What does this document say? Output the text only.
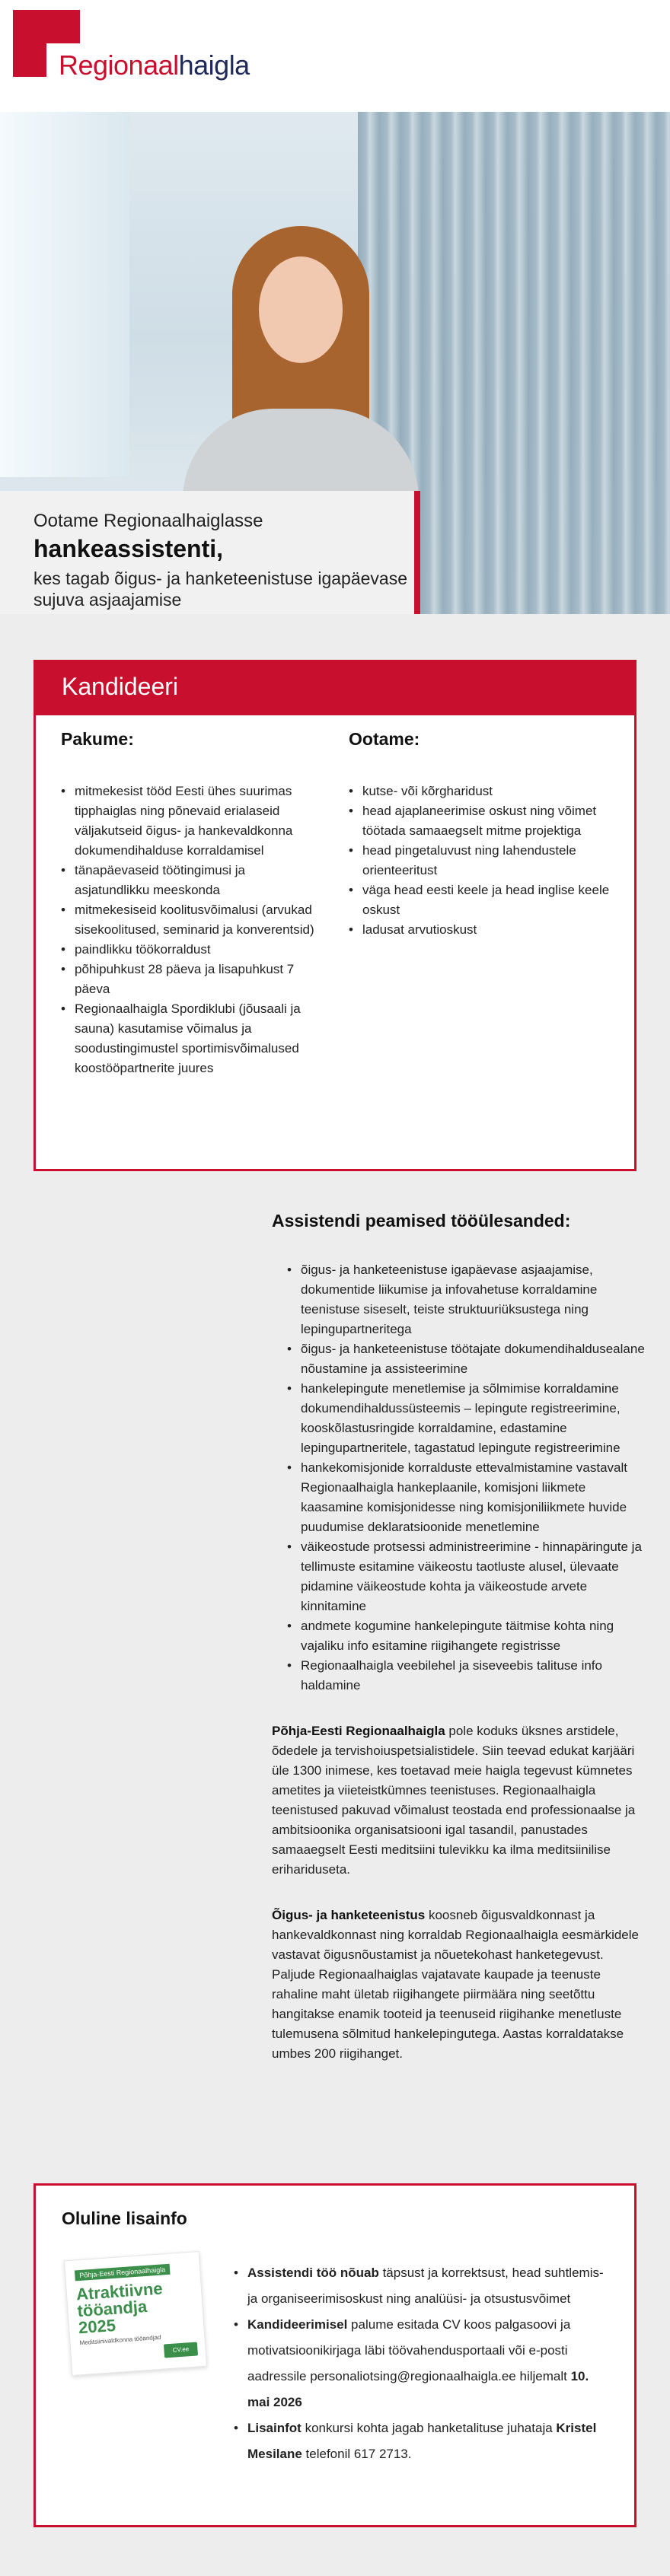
Regionaalhaigla
Ootame Regionaalhaiglasse
hankeassistenti,
kes tagab õigus- ja hanketeenistuse igapäevase sujuva asjaajamise
Kandideeri
Pakume:
• mitmekesist tööd Eesti ühes suurimas tipphaiglas ning põnevaid erialaseid väljakutseid õigus- ja hankevaldkonna dokumendihalduse korraldamisel
• tänapäevaseid töötingimusi ja asjatundlikku meeskonda
• mitmekesiseid koolitusvõimalusi (arvukad sisekoolitused, seminarid ja konverentsid)
• paindlikku töökorraldust
• põhipuhkust 28 päeva ja lisapuhkust 7 päeva
• Regionaalhaigla Spordiklubi (jõusaali ja sauna) kasutamise võimalus ja soodustingimustel sportimisvõimalused koostööpartnerite juures
Ootame:
• kutse- või kõrgharidust
• head ajaplaneerimise oskust ning võimet töötada samaaegselt mitme projektiga
• head pingetaluvust ning lahendustele orienteeritust
• väga head eesti keele ja head inglise keele oskust
• ladusat arvutioskust
Assistendi peamised tööülesanded:
• õigus- ja hanketeenistuse igapäevase asjaajamise, dokumentide liikumise ja infovahetuse korraldamine teenistuse siseselt, teiste struktuuriüksustega ning lepingupartneritega
• õigus- ja hanketeenistuse töötajate dokumendihaldusealane nõustamine ja assisteerimine
• hankelepingute menetlemise ja sõlmimise korraldamine dokumendihaldussüsteemis – lepingute registreerimine, kooskõlastusringide korraldamine, edastamine lepingupartneritele, tagastatud lepingute registreerimine
• hankekomisjonide korralduste ettevalmistamine vastavalt Regionaalhaigla hankeplaanile, komisjoni liikmete kaasamine komisjonidesse ning komisjoniliikmete huvide puudumise deklaratsioonide menetlemine
• väikeostude protsessi administreerimine - hinnapäringute ja tellimuste esitamine väikeostu taotluste alusel, ülevaate pidamine väikeostude kohta ja väikeostude arvete kinnitamine
• andmete kogumine hankelepingute täitmise kohta ning vajaliku info esitamine riigihangete registrisse
• Regionaalhaigla veebilehel ja siseveebis talituse info haldamine

Põhja-Eesti Regionaalhaigla pole koduks üksnes arstidele, õdedele ja tervishoiuspetsialistidele. Siin teevad edukat karjääri üle 1300 inimese, kes toetavad meie haigla tegevust kümnetes ametites ja viieteistkümnes teenistuses. Regionaalhaigla teenistused pakuvad võimalust teostada end professionaalse ja ambitsioonika organisatsiooni igal tasandil, panustades samaaegselt Eesti meditsiini tulevikku ka ilma meditsiinilise erihariduseta.

Õigus- ja hanketeenistus koosneb õigusvaldkonnast ja hankevaldkonnast ning korraldab Regionaalhaigla eesmärkidele vastavat õigusnõustamist ja nõuetekohast hanketegevust. Paljude Regionaalhaiglas vajatavate kaupade ja teenuste rahaline maht ületab riigihangete piirmäära ning seetõttu hangitakse enamik tooteid ja teenuseid riigihanke menetluste tulemusena sõlmitud hankelepingutega. Aastas korraldatakse umbes 200 riigihanget.

Oluline lisainfo
Põhja-Eesti Regionaalhaigla
Atraktiivne tööandja
2025
Meditsiinivaldkonna tööandjad
CV.ee
• Assistendi töö nõuab täpsust ja korrektsust, head suhtlemis- ja organiseerimisoskust ning analüüsi- ja otsustusvõimet
• Kandideerimisel palume esitada CV koos palgasoovi ja motivatsioonikirjaga läbi töövahendusportaali või e-posti aadressile personaliotsing@regionaalhaigla.ee hiljemalt 10. mai 2026
• Lisainfot konkursi kohta jagab hanketalituse juhataja Kristel Mesilane telefonil 617 2713.
